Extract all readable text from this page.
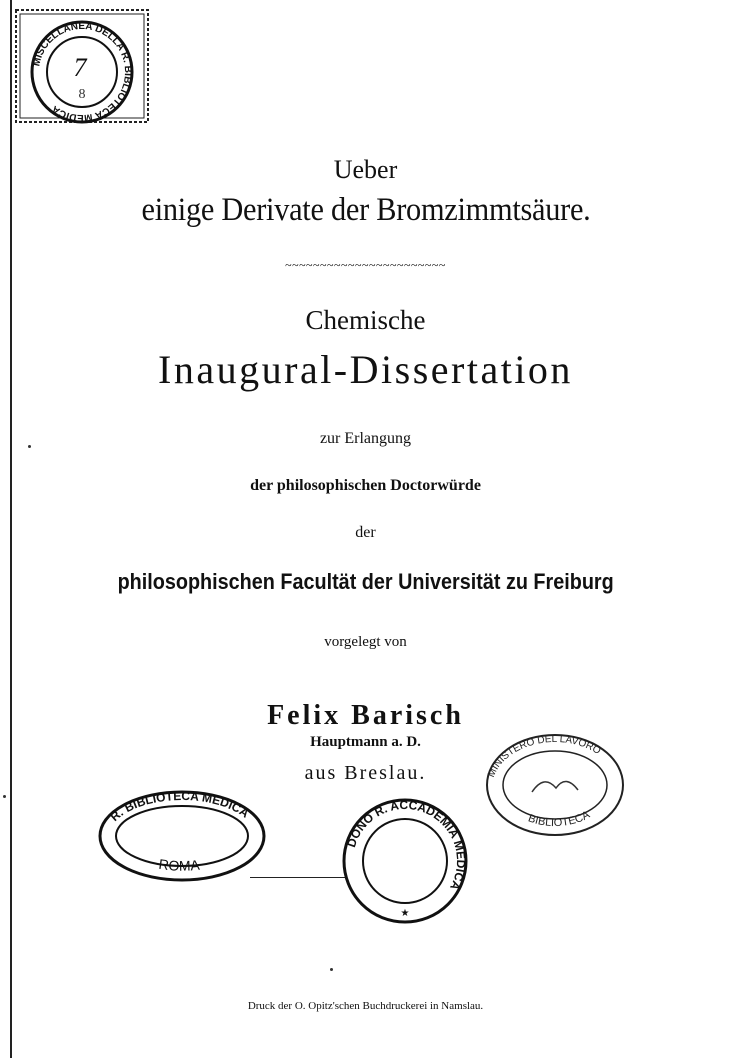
MISCELLANEA DELLA R. BIBLIOTECA MEDICA
7
8
Ueber
einige Derivate der Bromzimmtsäure.
~~~~~~~~~~~~~~~~~~~~~~~
Chemische
Inaugural-Dissertation
zur Erlangung
der philosophischen Doctorwürde
der
philosophischen Facultät der Universität zu Freiburg
vorgelegt von
Felix Barisch
Hauptmann a. D.
aus Breslau.
R. BIBLIOTECA MEDICA
ROMA
DONO R. ACCADEMIA MEDICA
★
MINISTERO DEL LAVORO
BIBLIOTECA
Druck der O. Opitz'schen Buchdruckerei in Namslau.
